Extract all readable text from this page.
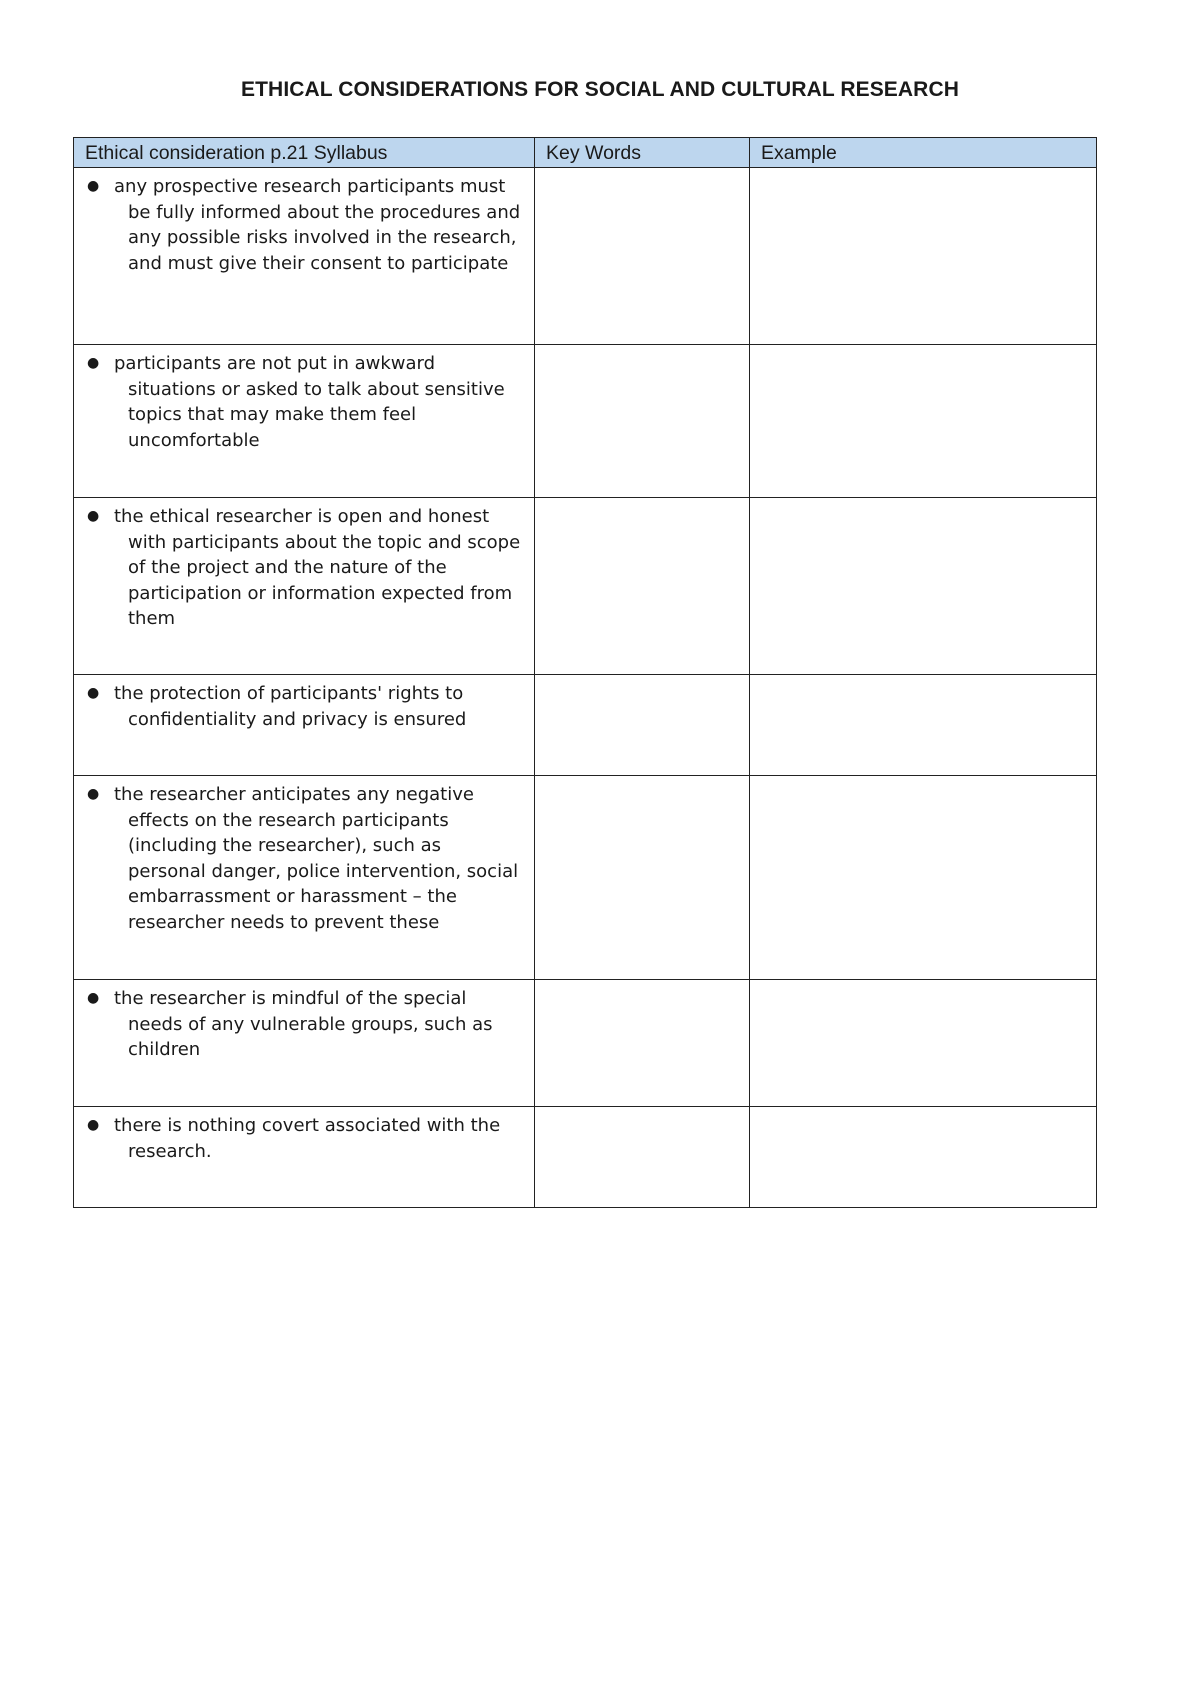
ETHICAL CONSIDERATIONS FOR SOCIAL AND CULTURAL RESEARCH
Ethical consideration p.21 Syllabus	Key Words	Example

● any prospective research participants must be fully informed about the procedures and any possible risks involved in the research, and must give their consent to participate		

● participants are not put in awkward situations or asked to talk about sensitive topics that may make them feel uncomfortable		

● the ethical researcher is open and honest with participants about the topic and scope of the project and the nature of the participation or information expected from them		

● the protection of participants' rights to confidentiality and privacy is ensured		

● the researcher anticipates any negative effects on the research participants (including the researcher), such as personal danger, police intervention, social embarrassment or harassment – the researcher needs to prevent these		

● the researcher is mindful of the special needs of any vulnerable groups, such as children		

● there is nothing covert associated with the research.		
